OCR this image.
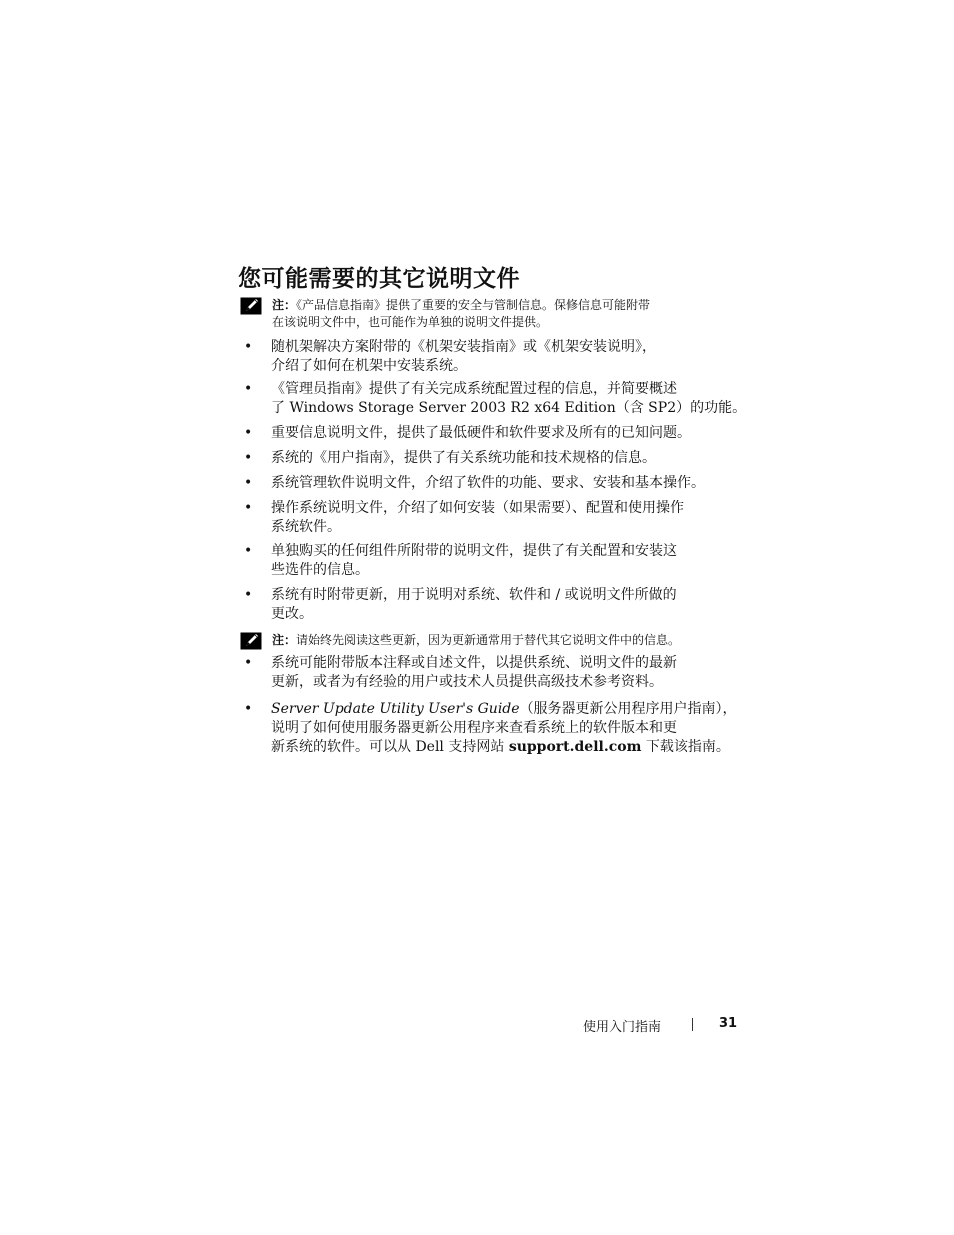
您可能需要的其它说明文件
注：《产品信息指南》提供了重要的安全与管制信息。保修信息可能附带
在该说明文件中，也可能作为单独的说明文件提供。
•	随机架解决方案附带的《机架安装指南》或《机架安装说明》，
介绍了如何在机架中安装系统。
•	《管理员指南》提供了有关完成系统配置过程的信息，并简要概述
了 Windows Storage Server 2003 R2 x64 Edition（含 SP2）的功能。
•	重要信息说明文件，提供了最低硬件和软件要求及所有的已知问题。
•	系统的《用户指南》，提供了有关系统功能和技术规格的信息。
•	系统管理软件说明文件，介绍了软件的功能、要求、安装和基本操作。
•	操作系统说明文件，介绍了如何安装（如果需要）、配置和使用操作
系统软件。
•	单独购买的任何组件所附带的说明文件，提供了有关配置和安装这
些选件的信息。
•	系统有时附带更新，用于说明对系统、软件和 / 或说明文件所做的
更改。
注：请始终先阅读这些更新，因为更新通常用于替代其它说明文件中的信息。
•	系统可能附带版本注释或自述文件，以提供系统、说明文件的最新
更新，或者为有经验的用户或技术人员提供高级技术参考资料。
•	Server Update Utility User's Guide（服务器更新公用程序用户指南），
说明了如何使用服务器更新公用程序来查看系统上的软件版本和更
新系统的软件。可以从 Dell 支持网站 support.dell.com 下载该指南。
使用入门指南	31
